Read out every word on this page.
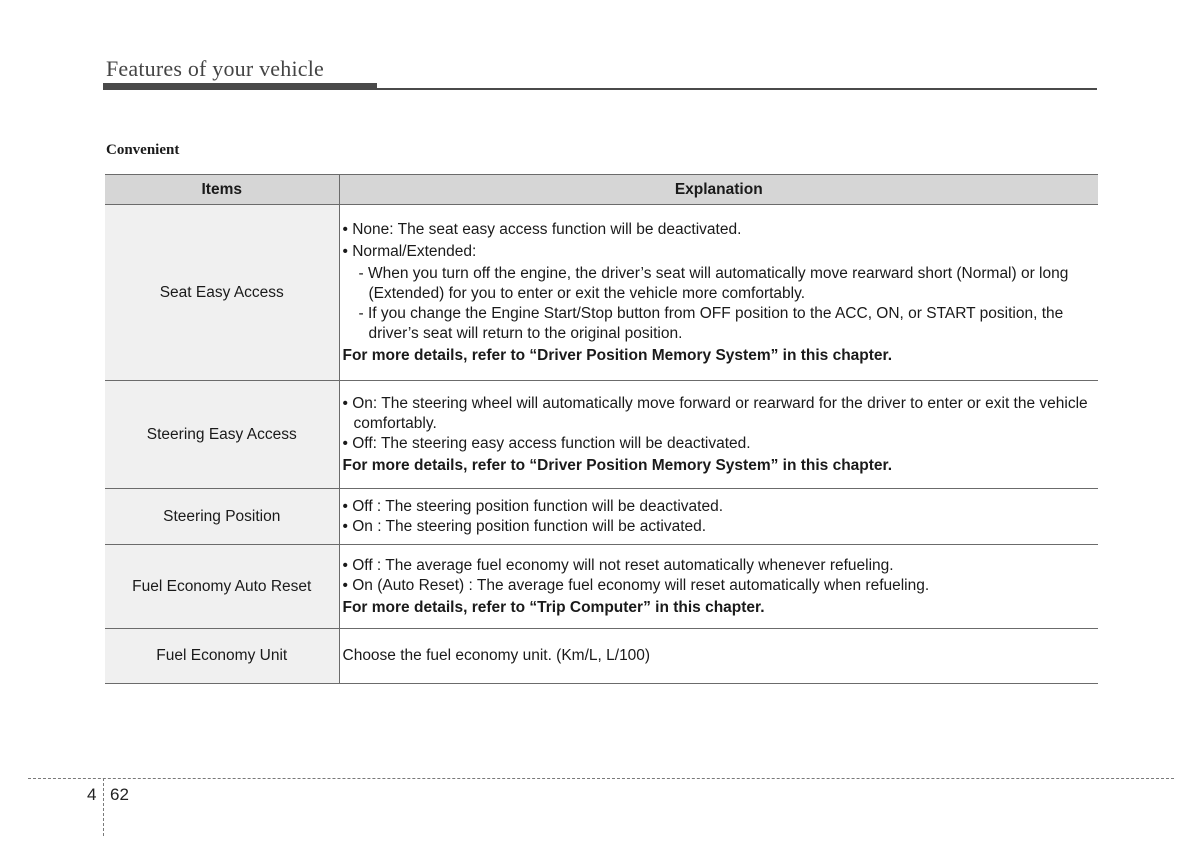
Features of your vehicle
Convenient
Items	Explanation
Seat Easy Access	• None: The seat easy access function will be deactivated.

• Normal/Extended:

- When you turn off the engine, the driver’s seat will automatically move rearward short (Normal) or long (Extended) for you to enter or exit the vehicle more comfortably.

- If you change the Engine Start/Stop button from OFF position to the ACC, ON, or START position, the driver’s seat will return to the original position.

For more details, refer to “Driver Position Memory System” in this chapter.

Steering Easy Access	• On: The steering wheel will automatically move forward or rearward for the driver to enter or exit the vehicle comfortably.

• Off: The steering easy access function will be deactivated.

For more details, refer to “Driver Position Memory System” in this chapter.

Steering Position	• Off : The steering position function will be deactivated.

• On : The steering position function will be activated.

Fuel Economy Auto Reset	• Off : The average fuel economy will not reset automatically whenever refueling.

• On (Auto Reset) : The average fuel economy will reset automatically when refueling.

For more details, refer to “Trip Computer” in this chapter.

Fuel Economy Unit	Choose the fuel economy unit. (Km/L, L/100)

4 62
